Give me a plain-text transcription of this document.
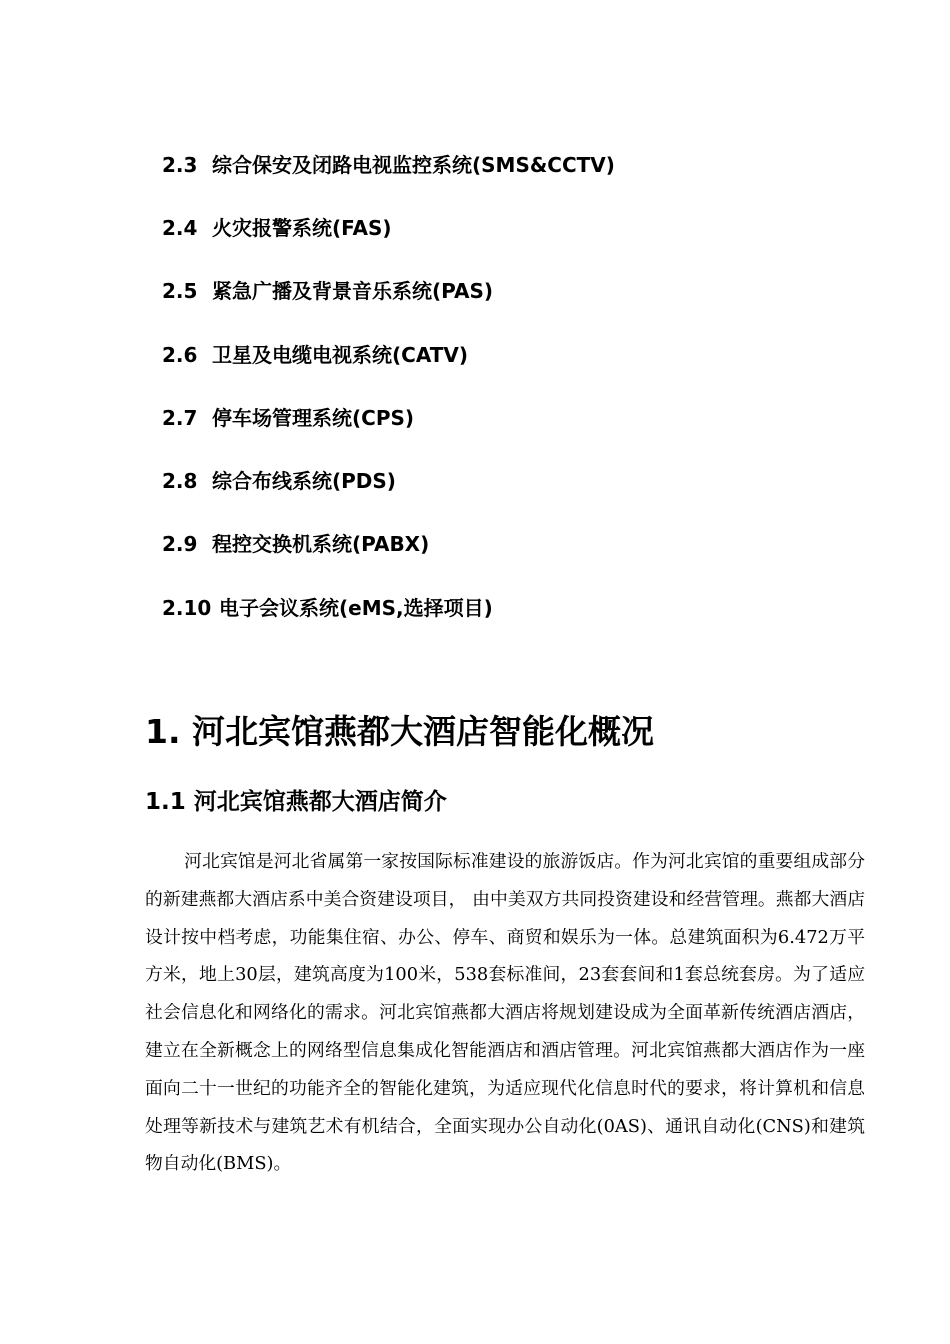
2.3 综合保安及闭路电视监控系统(SMS&CCTV)
2.4 火灾报警系统(FAS)
2.5 紧急广播及背景音乐系统(PAS)
2.6 卫星及电缆电视系统(CATV)
2.7 停车场管理系统(CPS)
2.8 综合布线系统(PDS)
2.9 程控交换机系统(PABX)
2.10 电子会议系统(eMS,选择项目)
1. 河北宾馆燕都大酒店智能化概况
1.1 河北宾馆燕都大酒店简介

河北宾馆是河北省属第一家按国际标准建设的旅游饭店。作为河北宾馆的重要组成部分的新建燕都大酒店系中美合资建设项目， 由中美双方共同投资建设和经营管理。燕都大酒店设计按中档考虑，功能集住宿、办公、停车、商贸和娱乐为一体。总建筑面积为6.472万平方米，地上30层，建筑高度为100米，538套标准间，23套套间和1套总统套房。为了适应社会信息化和网络化的需求。河北宾馆燕都大酒店将规划建设成为全面革新传统酒店酒店，建立在全新概念上的网络型信息集成化智能酒店和酒店管理。河北宾馆燕都大酒店作为一座面向二十一世纪的功能齐全的智能化建筑，为适应现代化信息时代的要求，将计算机和信息处理等新技术与建筑艺术有机结合，全面实现办公自动化(0AS)、通讯自动化(CNS)和建筑物自动化(BMS)。
